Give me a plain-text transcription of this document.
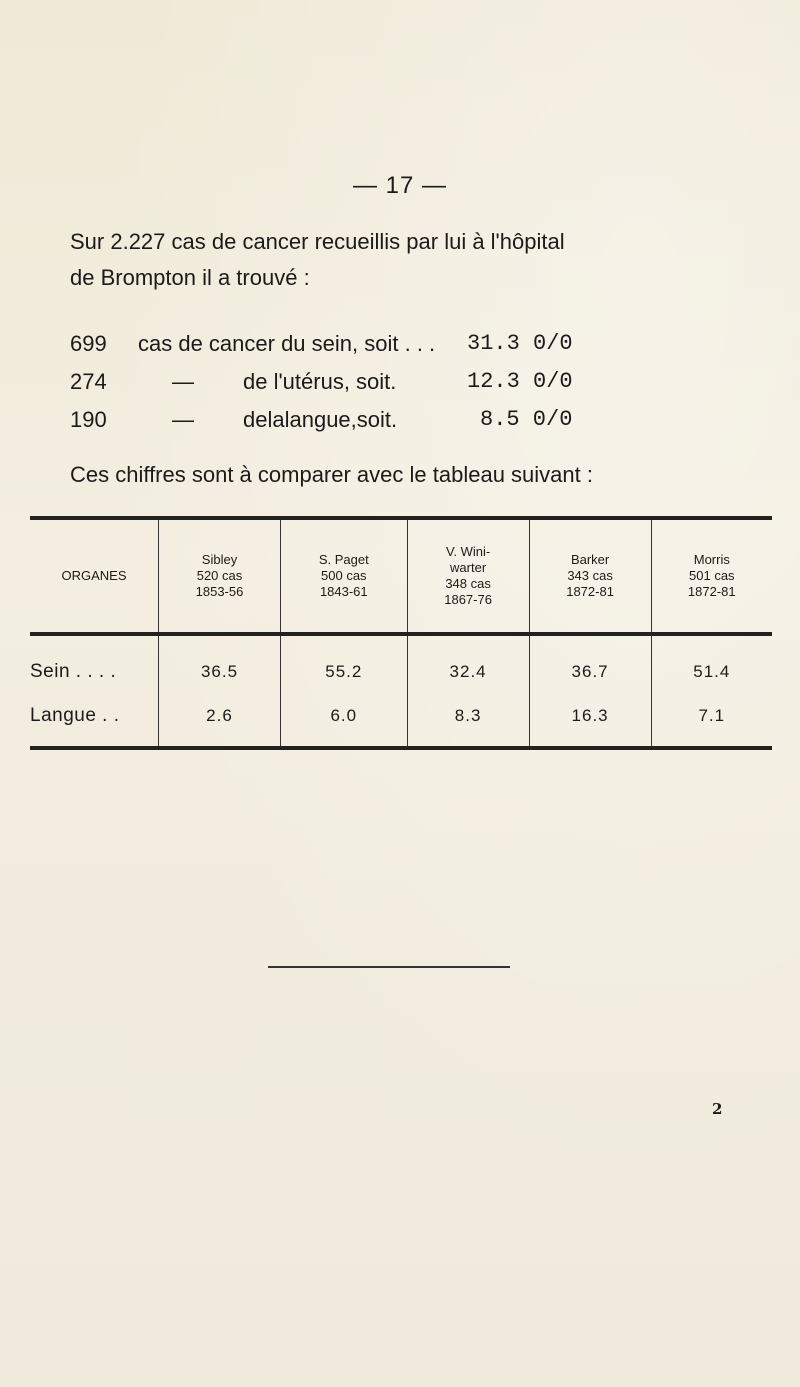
— 17 —

Sur 2.227 cas de cancer recueillis par lui à l'hôpital

de Brompton il a trouvé :

699 cas de cancer du sein, soit . . . 31.3 0/0
274	— de l'utérus, soit.	12.3 0/0
190	— delalangue,soit.	8.5 0/0
Ces chiffres sont à comparer avec le tableau suivant :
ORGANES	Sibley
520 cas
1853-56	S. Paget
500 cas
1843-61	V. Wini-
warter
348 cas
1867-76	Barker
343 cas
1872-81	Morris
501 cas
1872-81

Sein . . . .	36.5	55.2	32.4	36.7	51.4
Langue . .	2.6	6.0	8.3	16.3	7.1
2
